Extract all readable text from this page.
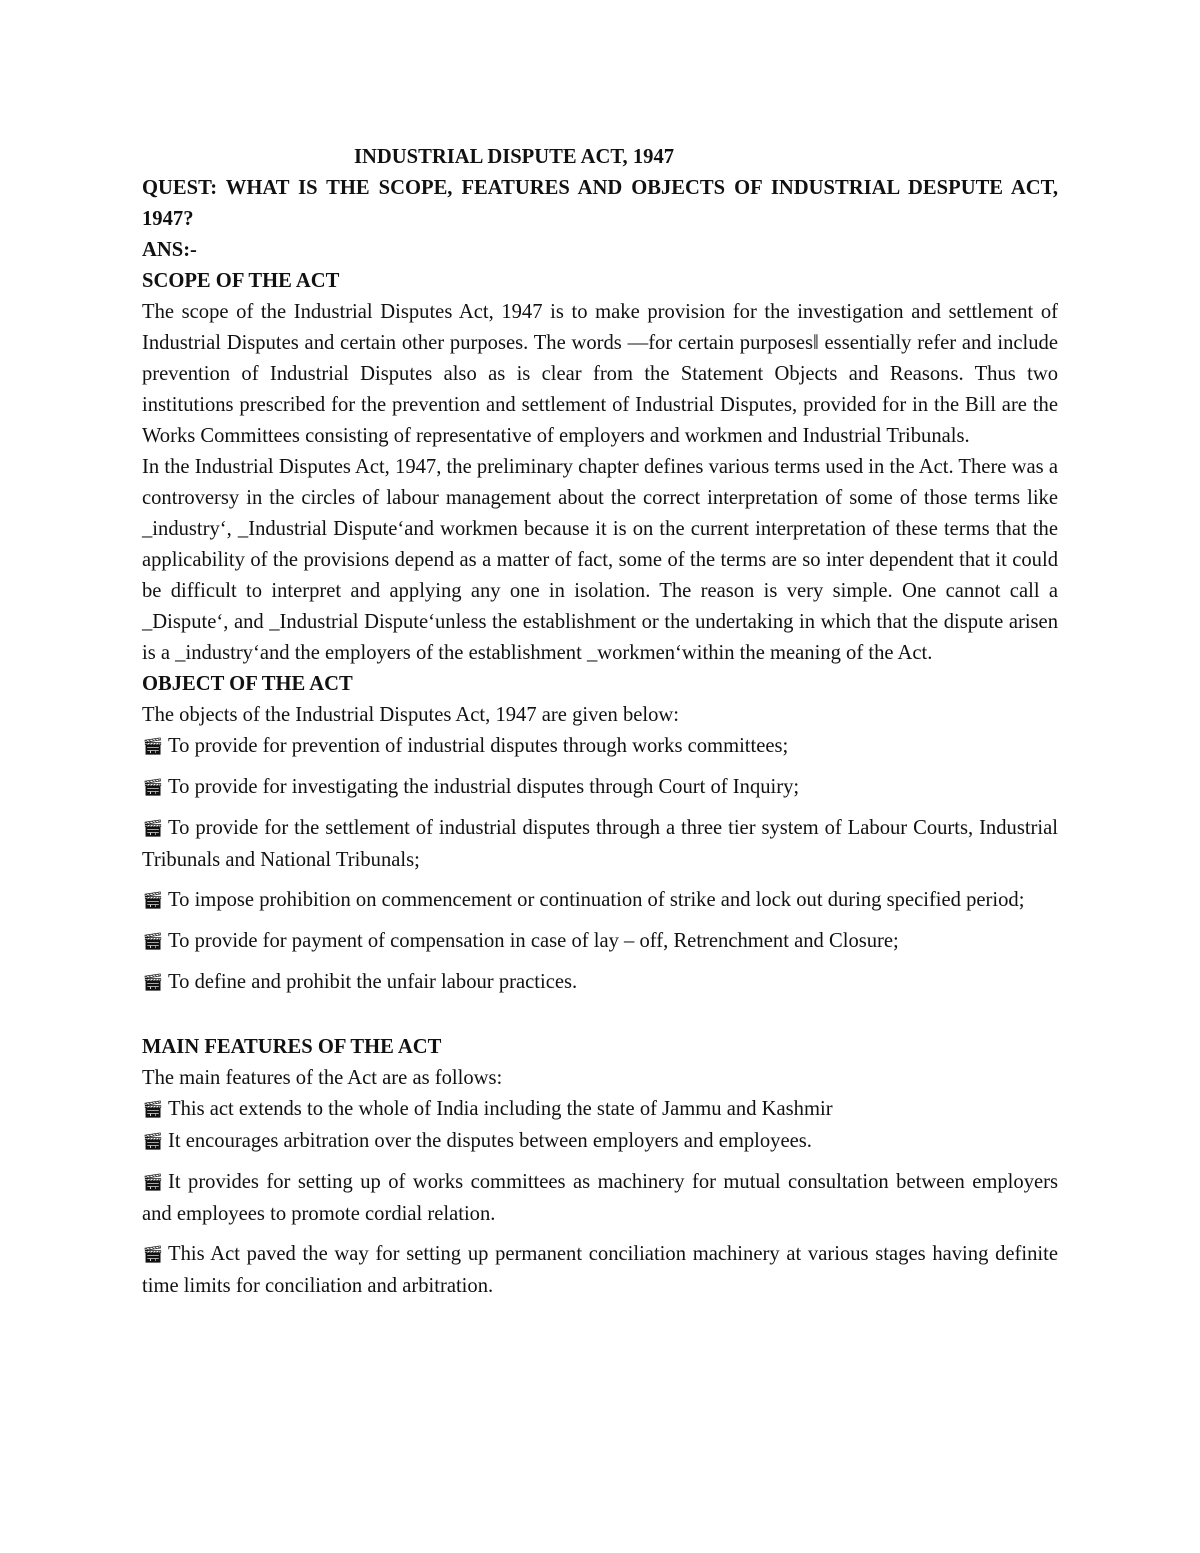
INDUSTRIAL DISPUTE ACT, 1947

QUEST: WHAT IS THE SCOPE, FEATURES AND OBJECTS OF INDUSTRIAL DESPUTE ACT, 1947?

ANS:-

SCOPE OF THE ACT

The scope of the Industrial Disputes Act, 1947 is to make provision for the investigation and settlement of Industrial Disputes and certain other purposes. The words —for certain purposes‖ essentially refer and include prevention of Industrial Disputes also as is clear from the Statement Objects and Reasons. Thus two institutions prescribed for the prevention and settlement of Industrial Disputes, provided for in the Bill are the Works Committees consisting of representative of employers and workmen and Industrial Tribunals.

In the Industrial Disputes Act, 1947, the preliminary chapter defines various terms used in the Act. There was a controversy in the circles of labour management about the correct interpretation of some of those terms like _industry‘, _Industrial Dispute‘and workmen because it is on the current interpretation of these terms that the applicability of the provisions depend as a matter of fact, some of the terms are so inter dependent that it could be difficult to interpret and applying any one in isolation. The reason is very simple. One cannot call a _Dispute‘, and _Industrial Dispute‘unless the establishment or the undertaking in which that the dispute arisen is a _industry‘and the employers of the establishment _workmen‘within the meaning of the Act.

OBJECT OF THE ACT

The objects of the Industrial Disputes Act, 1947 are given below:

🎬︎ To provide for prevention of industrial disputes through works committees;
🎬︎ To provide for investigating the industrial disputes through Court of Inquiry;
🎬︎ To provide for the settlement of industrial disputes through a three tier system of Labour Courts, Industrial Tribunals and National Tribunals;
🎬︎ To impose prohibition on commencement or continuation of strike and lock out during specified period;
🎬︎ To provide for payment of compensation in case of lay – off, Retrenchment and Closure;
🎬︎ To define and prohibit the unfair labour practices.

MAIN FEATURES OF THE ACT

The main features of the Act are as follows:

🎬︎ This act extends to the whole of India including the state of Jammu and Kashmir
🎬︎ It encourages arbitration over the disputes between employers and employees.
🎬︎ It provides for setting up of works committees as machinery for mutual consultation between employers and employees to promote cordial relation.
🎬︎ This Act paved the way for setting up permanent conciliation machinery at various stages having definite time limits for conciliation and arbitration.
